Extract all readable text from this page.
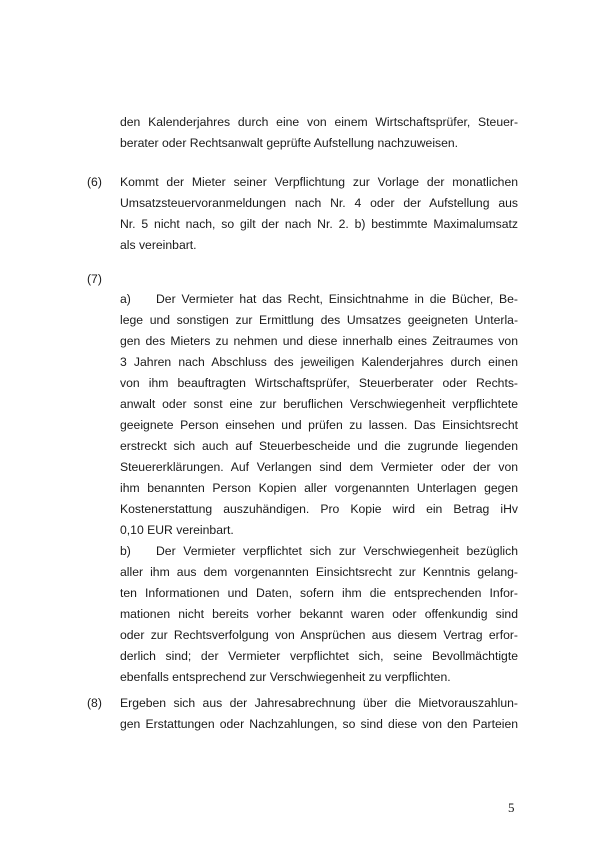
den Kalenderjahres durch eine von einem Wirtschaftsprüfer, Steuer-
berater oder Rechtsanwalt geprüfte Aufstellung nachzuweisen.
(6) Kommt der Mieter seiner Verpflichtung zur Vorlage der monatlichen
Umsatzsteuervoranmeldungen nach Nr. 4 oder der Aufstellung aus
Nr. 5 nicht nach, so gilt der nach Nr. 2. b) bestimmte Maximalumsatz
als vereinbart.
(7)
a) Der Vermieter hat das Recht, Einsichtnahme in die Bücher, Be-
lege und sonstigen zur Ermittlung des Umsatzes geeigneten Unterla-
gen des Mieters zu nehmen und diese innerhalb eines Zeitraumes von
3 Jahren nach Abschluss des jeweiligen Kalenderjahres durch einen
von ihm beauftragten Wirtschaftsprüfer, Steuerberater oder Rechts-
anwalt oder sonst eine zur beruflichen Verschwiegenheit verpflichtete
geeignete Person einsehen und prüfen zu lassen. Das Einsichtsrecht
erstreckt sich auch auf Steuerbescheide und die zugrunde liegenden
Steuererklärungen. Auf Verlangen sind dem Vermieter oder der von
ihm benannten Person Kopien aller vorgenannten Unterlagen gegen
Kostenerstattung auszuhändigen. Pro Kopie wird ein Betrag iHv
0,10 EUR vereinbart.
b) Der Vermieter verpflichtet sich zur Verschwiegenheit bezüglich
aller ihm aus dem vorgenannten Einsichtsrecht zur Kenntnis gelang-
ten Informationen und Daten, sofern ihm die entsprechenden Infor-
mationen nicht bereits vorher bekannt waren oder offenkundig sind
oder zur Rechtsverfolgung von Ansprüchen aus diesem Vertrag erfor-
derlich sind; der Vermieter verpflichtet sich, seine Bevollmächtigte
ebenfalls entsprechend zur Verschwiegenheit zu verpflichten.
(8) Ergeben sich aus der Jahresabrechnung über die Mietvorauszahlun-
gen Erstattungen oder Nachzahlungen, so sind diese von den Parteien
5
